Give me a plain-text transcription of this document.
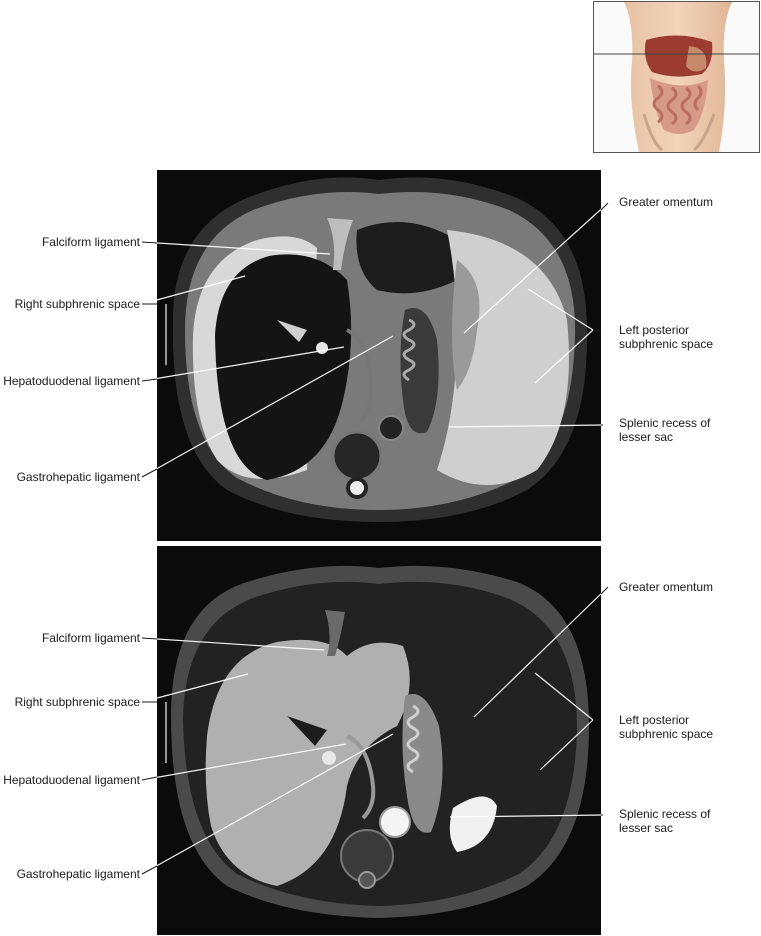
Falciform ligament
Right subphrenic space
Hepatoduodenal ligament
Gastrohepatic ligament
Greater omentum
Left posterior
subphrenic space
Splenic recess of
lesser sac
Falciform ligament
Right subphrenic space
Hepatoduodenal ligament
Gastrohepatic ligament
Greater omentum
Left posterior
subphrenic space
Splenic recess of
lesser sac
